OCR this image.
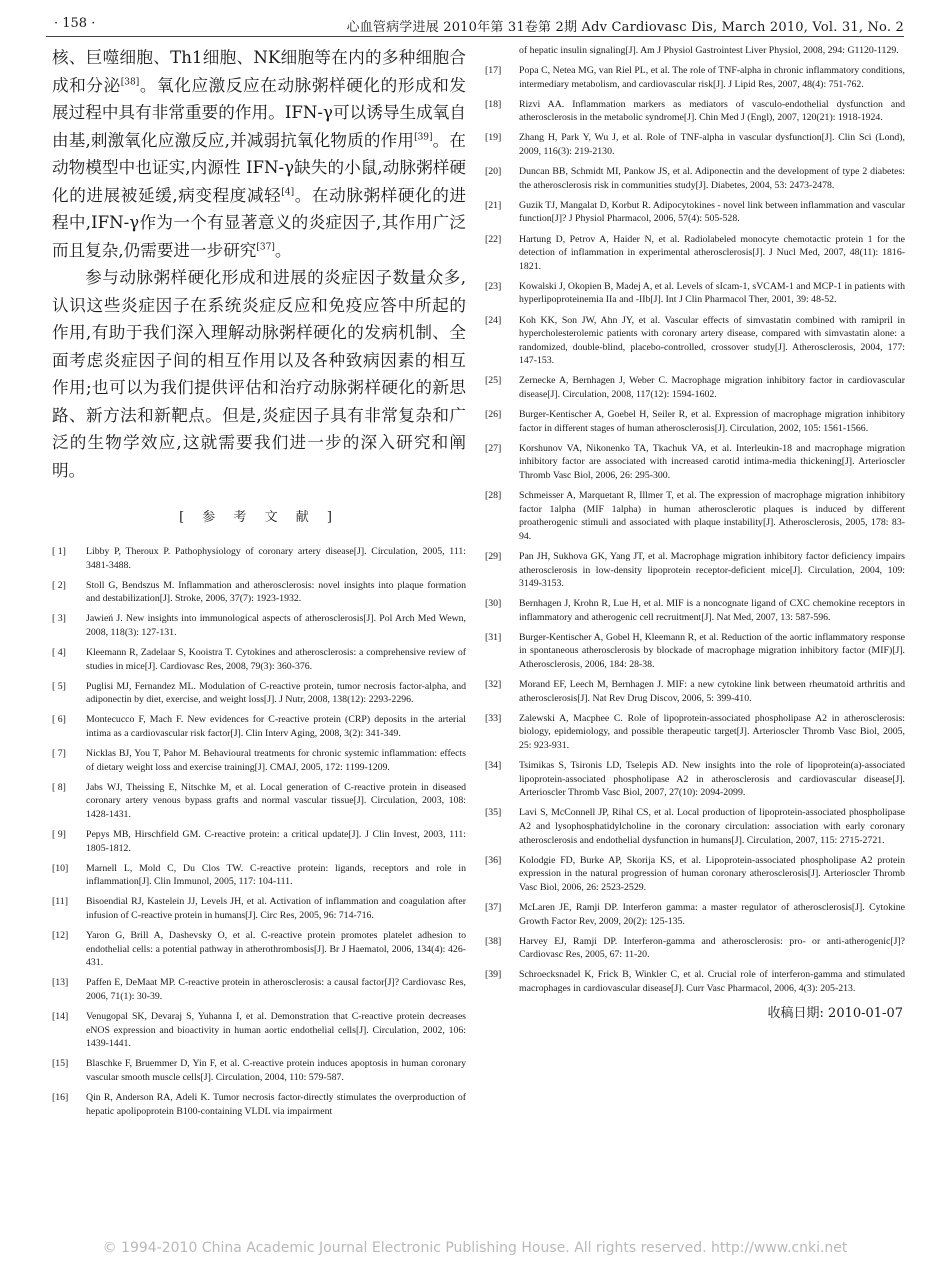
· 158 ·	心血管病学进展 2010年第 31卷第 2期 Adv Cardiovasc Dis, March 2010, Vol. 31, No. 2

核、巨噬细胞、Th1细胞、NK细胞等在内的多种细胞合成和分泌[38]。氧化应激反应在动脉粥样硬化的形成和发展过程中具有非常重要的作用。IFN-γ可以诱导生成氧自由基,刺激氧化应激反应,并减弱抗氧化物质的作用[39]。在动物模型中也证实,内源性 IFN-γ缺失的小鼠,动脉粥样硬化的进展被延缓,病变程度减轻[4]。在动脉粥样硬化的进程中,IFN-γ作为一个有显著意义的炎症因子,其作用广泛而且复杂,仍需要进一步研究[37]。

参与动脉粥样硬化形成和进展的炎症因子数量众多,认识这些炎症因子在系统炎症反应和免疫应答中所起的作用,有助于我们深入理解动脉粥样硬化的发病机制、全面考虑炎症因子间的相互作用以及各种致病因素的相互作用;也可以为我们提供评估和治疗动脉粥样硬化的新思路、新方法和新靶点。但是,炎症因子具有非常复杂和广泛的生物学效应,这就需要我们进一步的深入研究和阐明。

[ 参 考 文 献 ]
[ 1]	Libby P, Theroux P. Pathophysiology of coronary artery disease[J]. Circulation, 2005, 111: 3481-3488.
[ 2]	Stoll G, Bendszus M. Inflammation and atherosclerosis: novel insights into plaque formation and destabilization[J]. Stroke, 2006, 37(7): 1923-1932.
[ 3]	Jawień J. New insights into immunological aspects of atherosclerosis[J]. Pol Arch Med Wewn, 2008, 118(3): 127-131.
[ 4]	Kleemann R, Zadelaar S, Kooistra T. Cytokines and atherosclerosis: a comprehensive review of studies in mice[J]. Cardiovasc Res, 2008, 79(3): 360-376.
[ 5]	Puglisi MJ, Fernandez ML. Modulation of C-reactive protein, tumor necrosis factor-alpha, and adiponectin by diet, exercise, and weight loss[J]. J Nutr, 2008, 138(12): 2293-2296.
[ 6]	Montecucco F, Mach F. New evidences for C-reactive protein (CRP) deposits in the arterial intima as a cardiovascular risk factor[J]. Clin Interv Aging, 2008, 3(2): 341-349.
[ 7]	Nicklas BJ, You T, Pahor M. Behavioural treatments for chronic systemic inflammation: effects of dietary weight loss and exercise training[J]. CMAJ, 2005, 172: 1199-1209.
[ 8]	Jabs WJ, Theissing E, Nitschke M, et al. Local generation of C-reactive protein in diseased coronary artery venous bypass grafts and normal vascular tissue[J]. Circulation, 2003, 108: 1428-1431.
[ 9]	Pepys MB, Hirschfield GM. C-reactive protein: a critical update[J]. J Clin Invest, 2003, 111: 1805-1812.
[10]	Marnell L, Mold C, Du Clos TW. C-reactive protein: ligands, receptors and role in inflammation[J]. Clin Immunol, 2005, 117: 104-111.
[11]	Bisoendial RJ, Kastelein JJ, Levels JH, et al. Activation of inflammation and coagulation after infusion of C-reactive protein in humans[J]. Circ Res, 2005, 96: 714-716.
[12]	Yaron G, Brill A, Dashevsky O, et al. C-reactive protein promotes platelet adhesion to endothelial cells: a potential pathway in atherothrombosis[J]. Br J Haematol, 2006, 134(4): 426-431.
[13]	Paffen E, DeMaat MP. C-reactive protein in atherosclerosis: a causal factor[J]? Cardiovasc Res, 2006, 71(1): 30-39.
[14]	Venugopal SK, Devaraj S, Yuhanna I, et al. Demonstration that C-reactive protein decreases eNOS expression and bioactivity in human aortic endothelial cells[J]. Circulation, 2002, 106: 1439-1441.
[15]	Blaschke F, Bruemmer D, Yin F, et al. C-reactive protein induces apoptosis in human coronary vascular smooth muscle cells[J]. Circulation, 2004, 110: 579-587.
[16]	Qin R, Anderson RA, Adeli K. Tumor necrosis factor-directly stimulates the overproduction of hepatic apolipoprotein B100-containing VLDL via impairment
of hepatic insulin signaling[J]. Am J Physiol Gastrointest Liver Physiol, 2008, 294: G1120-1129.
[17]	Popa C, Netea MG, van Riel PL, et al. The role of TNF-alpha in chronic inflammatory conditions, intermediary metabolism, and cardiovascular risk[J]. J Lipid Res, 2007, 48(4): 751-762.
[18]	Rizvi AA. Inflammation markers as mediators of vasculo-endothelial dysfunction and atherosclerosis in the metabolic syndrome[J]. Chin Med J (Engl), 2007, 120(21): 1918-1924.
[19]	Zhang H, Park Y, Wu J, et al. Role of TNF-alpha in vascular dysfunction[J]. Clin Sci (Lond), 2009, 116(3): 219-2130.
[20]	Duncan BB, Schmidt MI, Pankow JS, et al. Adiponectin and the development of type 2 diabetes: the atherosclerosis risk in communities study[J]. Diabetes, 2004, 53: 2473-2478.
[21]	Guzik TJ, Mangalat D, Korbut R. Adipocytokines - novel link between inflammation and vascular function[J]? J Physiol Pharmacol, 2006, 57(4): 505-528.
[22]	Hartung D, Petrov A, Haider N, et al. Radiolabeled monocyte chemotactic protein 1 for the detection of inflammation in experimental atherosclerosis[J]. J Nucl Med, 2007, 48(11): 1816-1821.
[23]	Kowalski J, Okopien B, Madej A, et al. Levels of sIcam-1, sVCAM-1 and MCP-1 in patients with hyperlipoproteinemia IIa and -IIb[J]. Int J Clin Pharmacol Ther, 2001, 39: 48-52.
[24]	Koh KK, Son JW, Ahn JY, et al. Vascular effects of simvastatin combined with ramipril in hypercholesterolemic patients with coronary artery disease, compared with simvastatin alone: a randomized, double-blind, placebo-controlled, crossover study[J]. Atherosclerosis, 2004, 177: 147-153.
[25]	Zernecke A, Bernhagen J, Weber C. Macrophage migration inhibitory factor in cardiovascular disease[J]. Circulation, 2008, 117(12): 1594-1602.
[26]	Burger-Kentischer A, Goebel H, Seiler R, et al. Expression of macrophage migration inhibitory factor in different stages of human atherosclerosis[J]. Circulation, 2002, 105: 1561-1566.
[27]	Korshunov VA, Nikonenko TA, Tkachuk VA, et al. Interleukin-18 and macrophage migration inhibitory factor are associated with increased carotid intima-media thickening[J]. Arterioscler Thromb Vasc Biol, 2006, 26: 295-300.
[28]	Schmeisser A, Marquetant R, Illmer T, et al. The expression of macrophage migration inhibitory factor 1alpha (MIF 1alpha) in human atherosclerotic plaques is induced by different proatherogenic stimuli and associated with plaque instability[J]. Atherosclerosis, 2005, 178: 83-94.
[29]	Pan JH, Sukhova GK, Yang JT, et al. Macrophage migration inhibitory factor deficiency impairs atherosclerosis in low-density lipoprotein receptor-deficient mice[J]. Circulation, 2004, 109: 3149-3153.
[30]	Bernhagen J, Krohn R, Lue H, et al. MIF is a noncognate ligand of CXC chemokine receptors in inflammatory and atherogenic cell recruitment[J]. Nat Med, 2007, 13: 587-596.
[31]	Burger-Kentischer A, Gobel H, Kleemann R, et al. Reduction of the aortic inflammatory response in spontaneous atherosclerosis by blockade of macrophage migration inhibitory factor (MIF)[J]. Atherosclerosis, 2006, 184: 28-38.
[32]	Morand EF, Leech M, Bernhagen J. MIF: a new cytokine link between rheumatoid arthritis and atherosclerosis[J]. Nat Rev Drug Discov, 2006, 5: 399-410.
[33]	Zalewski A, Macphee C. Role of lipoprotein-associated phospholipase A2 in atherosclerosis: biology, epidemiology, and possible therapeutic target[J]. Arterioscler Thromb Vasc Biol, 2005, 25: 923-931.
[34]	Tsimikas S, Tsironis LD, Tselepis AD. New insights into the role of lipoprotein(a)-associated lipoprotein-associated phospholipase A2 in atherosclerosis and cardiovascular disease[J]. Arterioscler Thromb Vasc Biol, 2007, 27(10): 2094-2099.
[35]	Lavi S, McConnell JP, Rihal CS, et al. Local production of lipoprotein-associated phospholipase A2 and lysophosphatidylcholine in the coronary circulation: association with early coronary atherosclerosis and endothelial dysfunction in humans[J]. Circulation, 2007, 115: 2715-2721.
[36]	Kolodgie FD, Burke AP, Skorija KS, et al. Lipoprotein-associated phospholipase A2 protein expression in the natural progression of human coronary atherosclerosis[J]. Arterioscler Thromb Vasc Biol, 2006, 26: 2523-2529.
[37]	McLaren JE, Ramji DP. Interferon gamma: a master regulator of atherosclerosis[J]. Cytokine Growth Factor Rev, 2009, 20(2): 125-135.
[38]	Harvey EJ, Ramji DP. Interferon-gamma and atherosclerosis: pro- or anti-atherogenic[J]? Cardiovasc Res, 2005, 67: 11-20.
[39]	Schroecksnadel K, Frick B, Winkler C, et al. Crucial role of interferon-gamma and stimulated macrophages in cardiovascular disease[J]. Curr Vasc Pharmacol, 2006, 4(3): 205-213.
收稿日期: 2010-01-07
© 1994-2010 China Academic Journal Electronic Publishing House. All rights reserved. http://www.cnki.net
